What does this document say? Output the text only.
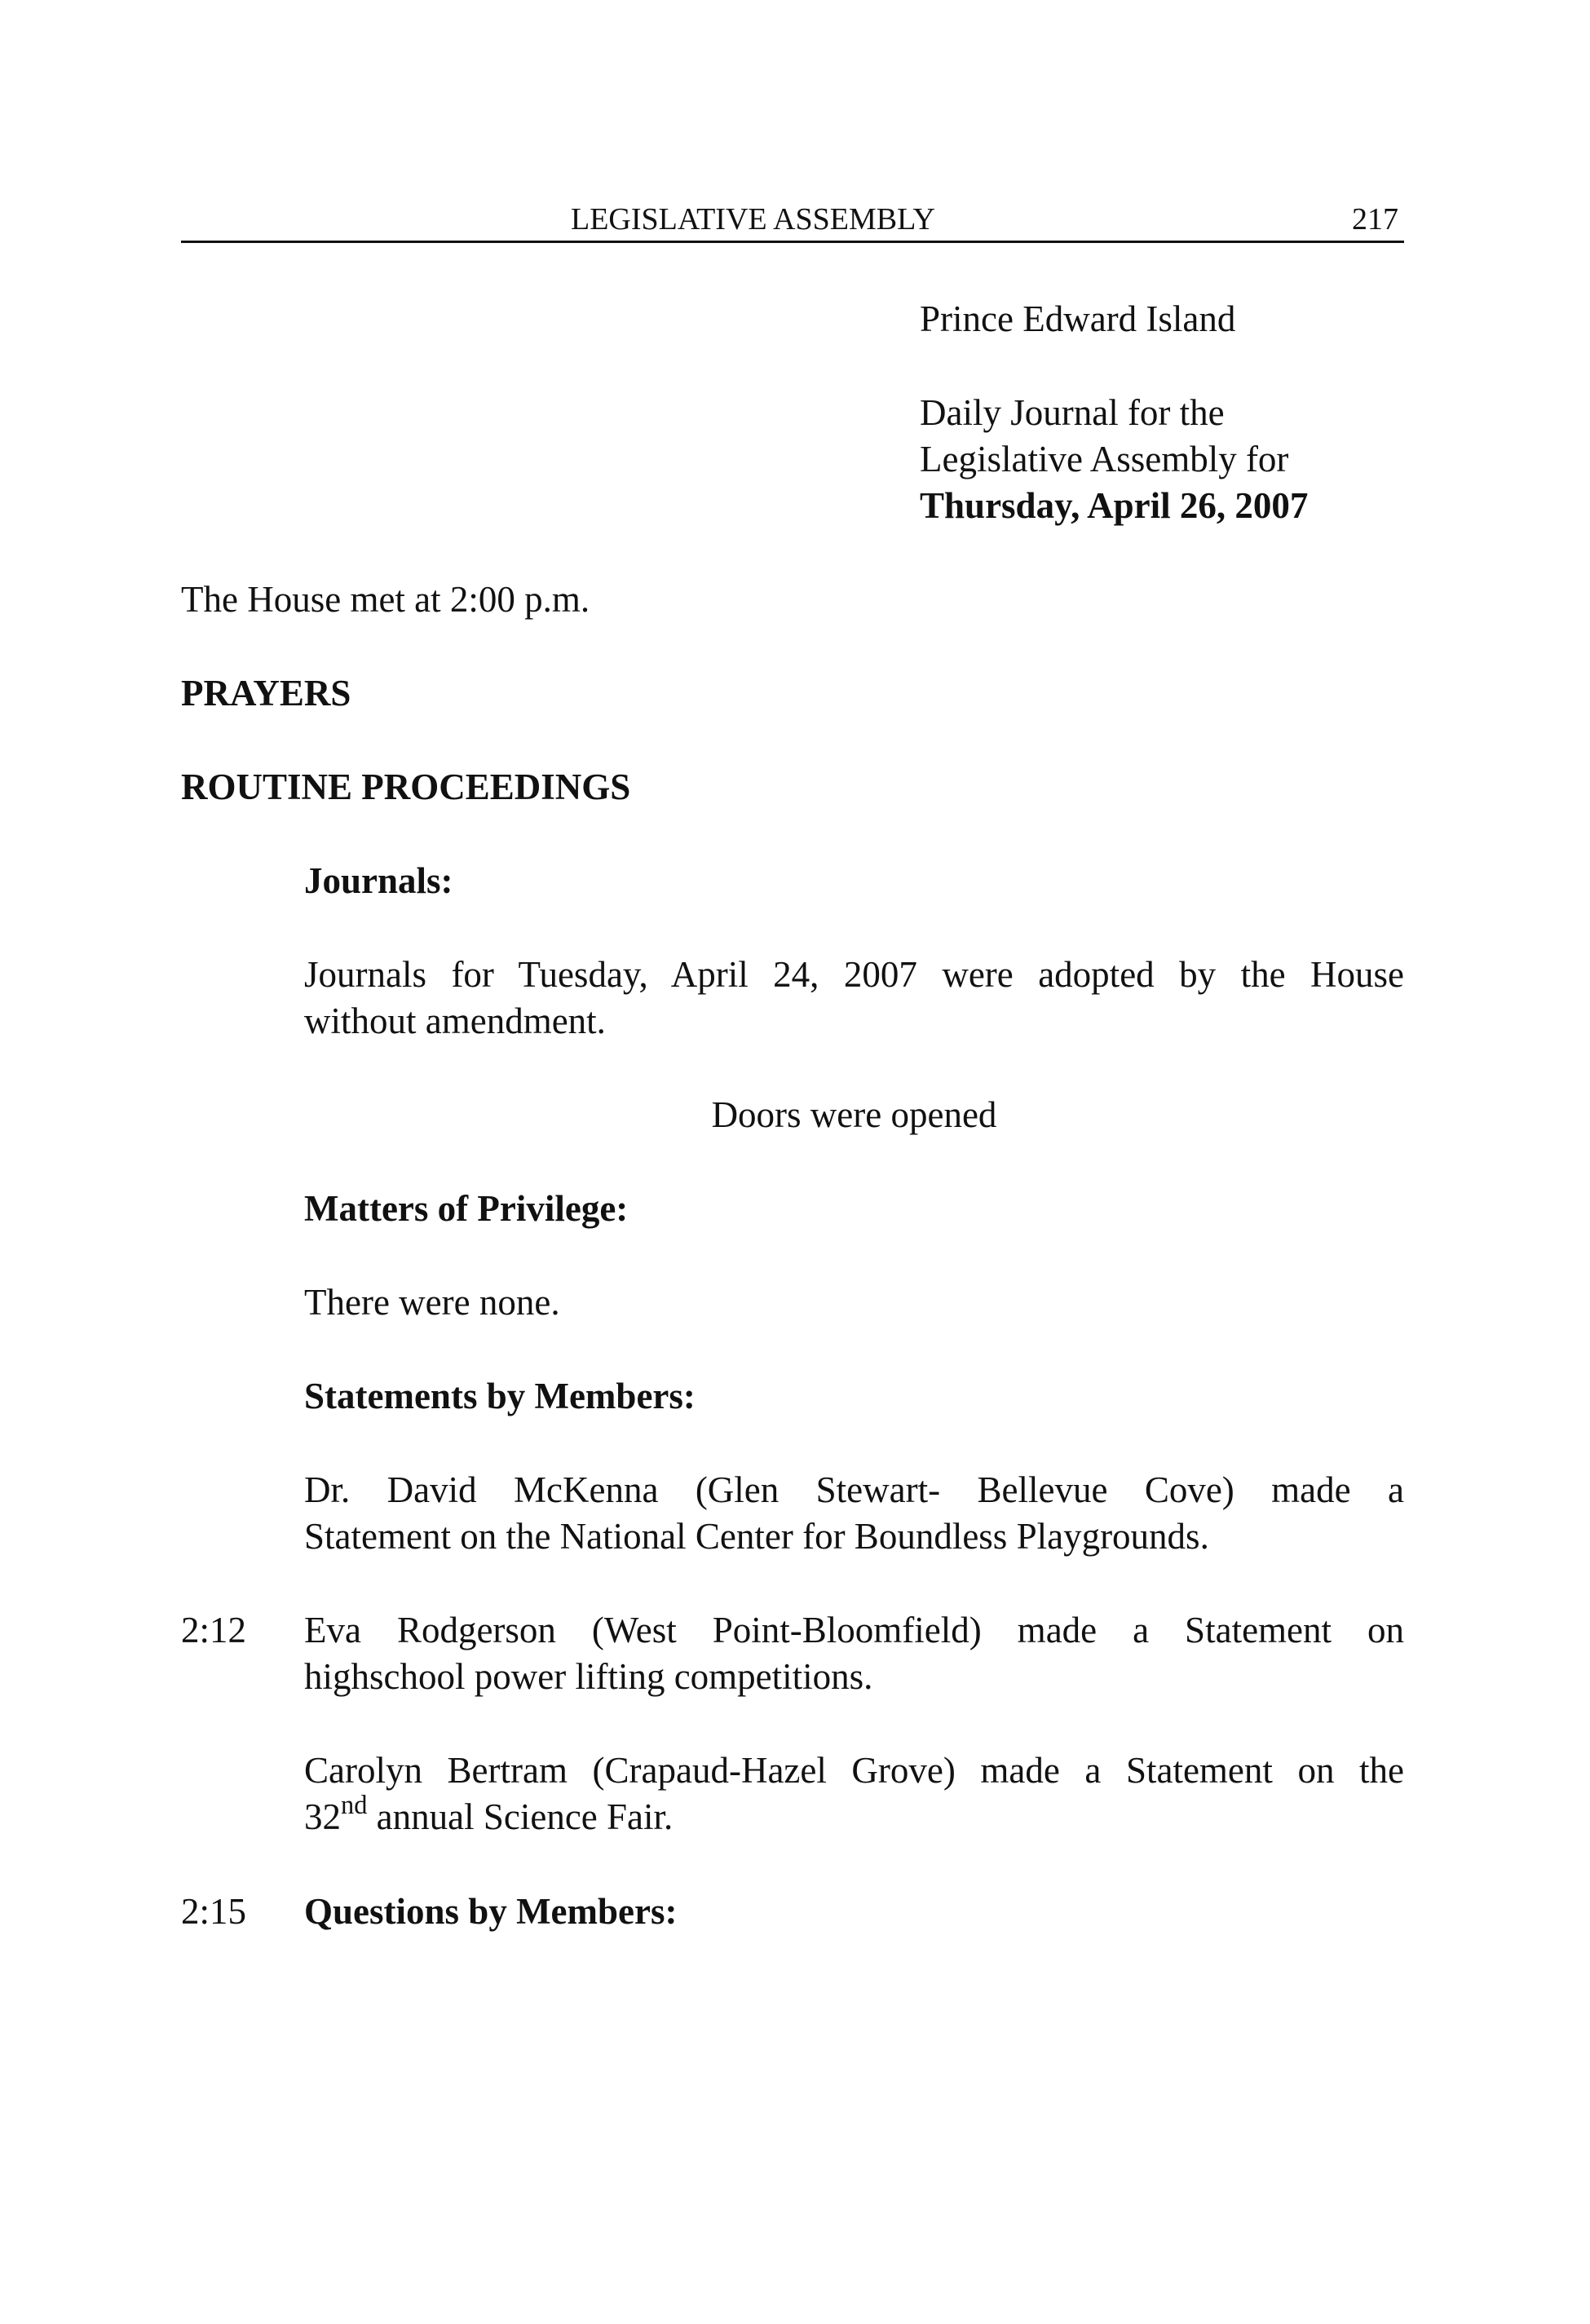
LEGISLATIVE ASSEMBLY	217
Prince Edward Island
Daily Journal for the
Legislative Assembly for
Thursday, April 26, 2007
The House met at 2:00 p.m.
PRAYERS
ROUTINE PROCEEDINGS
Journals:
Journals for Tuesday, April 24, 2007 were adopted by the House
without amendment.
Doors were opened
Matters of Privilege:
There were none.
Statements by Members:
Dr. David McKenna (Glen Stewart- Bellevue Cove) made a
Statement on the National Center for Boundless Playgrounds.
2:12 Eva Rodgerson (West Point-Bloomfield) made a Statement on
highschool power lifting competitions.
Carolyn Bertram (Crapaud-Hazel Grove) made a Statement on the
32nd annual Science Fair.
2:15 Questions by Members:
